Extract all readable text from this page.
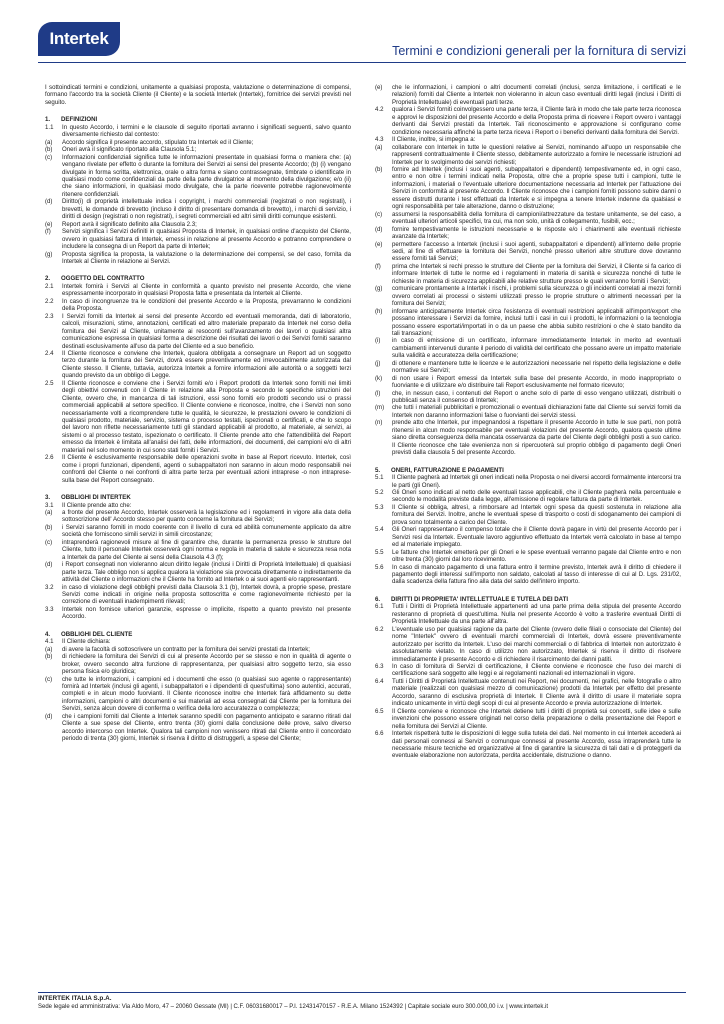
Intertek
Termini e condizioni generali per la fornitura di servizi
I sottoindicati termini e condizioni, unitamente a qualsiasi proposta, valutazione o determinazione di compensi, formano l'accordo tra la società Cliente (il Cliente) e la società Intertek (Intertek), fornitrice dei servizi previsti nel seguito.
1.	DEFINIZIONI
1.1	In questo Accordo, i termini e le clausole di seguito riportati avranno i significati seguenti, salvo quanto diversamente richiesto dal contesto:
(a)	Accordo significa il presente accordo, stipulato tra Intertek ed il Cliente;
(b)	Oneri avrà il significato riportato alla Clausola 5.1;
(c)	Informazioni confidenziali significa tutte le informazioni presentate in qualsiasi forma o maniera che: (a) vengano rivelate per effetto o durante la fornitura dei Servizi ai sensi del presente Accordo; (b) (i) vengano divulgate in forma scritta, elettronica, orale o altra forma e siano contrassegnate, timbrate o identificate in qualsiasi modo come confidenziali da parte della parte divulgatrice al momento della divulgazione; e/o (ii) che siano informazioni, in qualsiasi modo divulgate, che la parte ricevente potrebbe ragionevolmente ritenere confidenziali.
(d)	Diritto(i) di proprietà intellettuale indica i copyright, i marchi commerciali (registrati o non registrati), i brevetti, le domande di brevetto (incluso il diritto di presentare domanda di brevetto), i marchi di servizio, i diritti di design (registrati o non registrati), i segreti commerciali ed altri simili diritti comunque esistenti.
(e)	Report avrà il significato definito alla Clausola 2.3;
(f)	Servizi significa i Servizi definiti in qualsiasi Proposta di Intertek, in qualsiasi ordine d'acquisto del Cliente, ovvero in qualsiasi fattura di Intertek, emessi in relazione al presente Accordo e potranno comprendere o includere la consegna di un Report da parte di Intertek;
(g)	Proposta significa la proposta, la valutazione o la determinazione dei compensi, se del caso, fornita da Intertek al Cliente in relazione ai Servizi.
2.	OGGETTO DEL CONTRATTO
2.1	Intertek fornirà i Servizi al Cliente in conformità a quanto previsto nel presente Accordo, che viene espressamente incorporato in qualsiasi Proposta fatta e presentata da Intertek al Cliente.
2.2	In caso di incongruenze tra le condizioni del presente Accordo e la Proposta, prevarranno le condizioni della Proposta.
2.3	I Servizi forniti da Intertek ai sensi del presente Accordo ed eventuali memoranda, dati di laboratorio, calcoli, misurazioni, stime, annotazioni, certificati ed altro materiale preparato da Intertek nel corso della fornitura dei Servizi al Cliente, unitamente ai resoconti sull'avanzamento dei lavori o qualsiasi altra comunicazione espressa in qualsiasi forma a descrizione dei risultati dei lavori o dei Servizi forniti saranno destinati esclusivamente all'uso da parte del Cliente ed a suo beneficio.
2.4	Il Cliente riconosce e conviene che Intertek, qualora obbligata a consegnare un Report ad un soggetto terzo durante la fornitura dei Servizi, dovrà essere preventivamente ed irrevocabilmente autorizzata dal Cliente stesso. Il Cliente, tuttavia, autorizza Intertek a fornire informazioni alle autorità o a soggetti terzi quando previsto da un obbligo di Legge.
2.5	Il Cliente riconosce e conviene che i Servizi forniti e/o i Report prodotti da Intertek sono forniti nei limiti degli obiettivi convenuti con il Cliente in relazione alla Proposta e secondo le specifiche istruzioni del Cliente, ovvero che, in mancanza di tali istruzioni, essi sono forniti e/o prodotti secondo usi o prassi commerciali applicabili al settore specifico. Il Cliente conviene e riconosce, inoltre, che i Servizi non sono necessariamente volti a ricomprendere tutte le qualità, le sicurezze, le prestazioni ovvero le condizioni di qualsiasi prodotto, materiale, servizio, sistema o processo testati, ispezionati o certificati, e che lo scopo del lavoro non riflette necessariamente tutti gli standard applicabili al prodotto, al materiale, ai servizi, ai sistemi o al processo testato, ispezionato o certificato. Il Cliente prende atto che l'attendibilità del Report emesso da Intertek è limitata all'analisi dei fatti, delle informazioni, dei documenti, dei campioni e/o di altri materiali nel solo momento in cui sono stati forniti i Servizi.
2.6	Il Cliente è esclusivamente responsabile delle operazioni svolte in base al Report ricevuto. Intertek, così come i propri funzionari, dipendenti, agenti o subappaltatori non saranno in alcun modo responsabili nei confronti del Cliente o nei confronti di altra parte terza per eventuali azioni intraprese -o non intraprese- sulla base del Report consegnato.
3.	OBBLIGHI DI INTERTEK
3.1	Il Cliente prende atto che:
(a)	a fronte del presente Accordo, Intertek osserverà la legislazione ed i regolamenti in vigore alla data della sottoscrizione dell' Accordo stesso per quanto concerne la fornitura dei Servizi;
(b)	i Servizi saranno forniti in modo coerente con il livello di cura ed abilità comunemente applicato da altre società che forniscono simili servizi in simili circostanze;
(c)	intraprenderà ragionevoli misure al fine di garantire che, durante la permanenza presso le strutture del Cliente, tutto il personale Intertek osserverà ogni norma e regola in materia di salute e sicurezza resa nota a Intertek da parte del Cliente ai sensi della Clausola 4.3 (f);
(d)	i Report consegnati non violeranno alcun diritto legale (inclusi i Diritti di Proprietà Intellettuale) di qualsiasi parte terza. Tale obbligo non si applica qualora la violazione sia provocata direttamente o indirettamente da attività del Cliente o informazioni che il Cliente ha fornito ad Intertek o ai suoi agenti e/o rappresentanti.
3.2	in caso di violazione degli obblighi previsti dalla Clausola 3.1 (b), Intertek dovrà, a proprie spese, prestare Servizi come indicati in origine nella proposta sottoscritta e come ragionevolmente richiesto per la correzione di eventuali inadempimenti rilevati;
3.3	Intertek non fornisce ulteriori garanzie, espresse o implicite, rispetto a quanto previsto nel presente Accordo.
4.	OBBLIGHI DEL CLIENTE
4.1	Il Cliente dichiara:
(a)	di avere la facoltà di sottoscrivere un contratto per la fornitura dei servizi prestati da Intertek;
(b)	di richiedere la fornitura dei Servizi di cui al presente Accordo per se stesso e non in qualità di agente o broker, ovvero secondo altra funzione di rappresentanza, per qualsiasi altro soggetto terzo, sia esso persona fisica e/o giuridica;
(c)	che tutte le informazioni, i campioni ed i documenti che esso (o qualsiasi suo agente o rappresentante) fornirà ad Intertek (inclusi gli agenti, i subappaltatori e i dipendenti di quest'ultima) sono autentici, accurati, completi e in alcun modo fuorvianti. Il Cliente riconosce inoltre che Intertek farà affidamento su dette informazioni, campioni o altri documenti e sui materiali ad essa consegnati dal Cliente per la fornitura dei Servizi, senza alcun dovere di conferma o verifica della loro accuratezza o completezza;
(d)	che i campioni forniti dal Cliente a Intertek saranno spediti con pagamento anticipato e saranno ritirati dal Cliente a sue spese del Cliente, entro trenta (30) giorni dalla conclusione delle prove, salvo diverso accordo intercorso con Intertek. Qualora tali campioni non venissero ritirati dal Cliente entro il concordato periodo di trenta (30) giorni, Intertek si riserva il diritto di distruggerli, a spese del Cliente;
(e)	che le informazioni, i campioni o altri documenti correlati (inclusi, senza limitazione, i certificati e le relazioni) forniti dal Cliente a Intertek non violeranno in alcun caso eventuali diritti legali (inclusi i Diritti di Proprietà Intellettuale) di eventuali parti terze.
4.2	qualora i Servizi forniti coinvolgessero una parte terza, il Cliente farà in modo che tale parte terza riconosca e approvi le disposizioni del presente Accordo e della Proposta prima di ricevere i Report ovvero i vantaggi derivanti dai Servizi prestati da Intertek. Tali riconoscimento e approvazione si configurano come condizione necessaria affinché la parte terza riceva i Report o i benefici derivanti dalla fornitura dei Servizi.
4.3	Il Cliente, inoltre, si impegna a:
(a)	collaborare con Intertek in tutte le questioni relative ai Servizi, nominando all'uopo un responsabile che rappresenti contrattualmente il Cliente stesso, debitamente autorizzato a fornire le necessarie istruzioni ad Intertek per lo svolgimento dei servizi richiesti;
(b)	fornire ad Intertek (inclusi i suoi agenti, subappaltatori e dipendenti) tempestivamente ed, in ogni caso, entro e non oltre i termini indicati nella Proposta, oltre che a proprie spese tutti i campioni, tutte le informazioni, i materiali o l'eventuale ulteriore documentazione necessaria ad Intertek per l'attuazione dei Servizi in conformità al presente Accordo. Il Cliente riconosce che i campioni forniti possono subire danni o essere distrutti durante i test effettuati da Intertek e si impegna a tenere Intertek indenne da qualsiasi e ogni responsabilità per tale alterazione, danno o distruzione;
(c)	assumersi la responsabilità della fornitura di campioni/attrezzature da testare unitamente, se del caso, a eventuali ulteriori articoli specifici, tra cui, ma non solo, unità di collegamento, fusibili, ecc.;
(d)	fornire tempestivamente le istruzioni necessarie e le risposte e/o i chiarimenti alle eventuali richieste avanzate da Intertek;
(e)	permettere l'accesso a Intertek (inclusi i suoi agenti, subappaltatori e dipendenti) all'interno delle proprie sedi, al fine di effettuare la fornitura dei Servizi, nonché presso ulteriori altre strutture dove dovranno essere forniti tali Servizi;
(f)	prima che Intertek si rechi presso le strutture del Cliente per la fornitura dei Servizi, il Cliente si fa carico di informare Intertek di tutte le norme ed i regolamenti in materia di sanità e sicurezza nonché di tutte le richieste in materia di sicurezza applicabili alle relative strutture presso le quali verranno forniti i Servizi;
(g)	comunicare prontamente a Intertek i rischi, i problemi sulla sicurezza o gli incidenti correlati ai mezzi forniti ovvero correlati ai processi o sistemi utilizzati presso le proprie strutture o altrimenti necessari per la fornitura dei Servizi;
(h)	informare anticipatamente Intertek circa l'esistenza di eventuali restrizioni applicabili all'import/export che possano interessare i Servizi da fornire, inclusi tutti i casi in cui i prodotti, le informazioni o la tecnologia possano essere esportati/importati in o da un paese che abbia subito restrizioni o che è stato bandito da tali transazioni;
(i)	in caso di emissione di un certificato, informare immediatamente Intertek in merito ad eventuali cambiamenti intervenuti durante il periodo di validità del certificato che possano avere un impatto materiale sulla validità e accuratezza della certificazione;
(j)	di ottenere e mantenere tutte le licenze e le autorizzazioni necessarie nel rispetto della legislazione e delle normative sui Servizi;
(k)	di non usare i Report emessi da Intertek sulla base del presente Accordo, in modo inappropriato o fuorviante e di utilizzare e/o distribuire tali Report esclusivamente nel formato ricevuto;
(l)	che, in nessun caso, i contenuti del Report o anche solo di parte di esso vengano utilizzati, distribuiti o pubblicati senza il consenso di Intertek;
(m)	che tutti i materiali pubblicitari e promozionali o eventuali dichiarazioni fatte dal Cliente sui servizi forniti da Intertek non daranno informazioni false o fuorvianti dei servizi stessi.
(n)	prende atto che Intertek, pur impegnandosi a rispettare il presente Accordo in tutte le sue parti, non potrà ritenersi in alcun modo responsabile per eventuali violazioni del presente Accordo, qualora queste ultime siano diretta conseguenza della mancata osservanza da parte del Cliente degli obblighi posti a suo carico. Il Cliente riconosce che tale evenienza non si ripercuoterà sul proprio obbligo di pagamento degli Oneri previsti dalla clausola 5 del presente Accordo.
5.	ONERI, FATTURAZIONE E PAGAMENTI
5.1	Il Cliente pagherà ad Intertek gli oneri indicati nella Proposta o nei diversi accordi formalmente intercorsi tra le parti (gli Oneri).
5.2	Gli Oneri sono indicati al netto delle eventuali tasse applicabili, che il Cliente pagherà nella percentuale e secondo le modalità previste dalla legge, all'emissione di regolare fattura da parte di Intertek.
5.3	Il Cliente si obbliga, altresì, a rimborsare ad Intertek ogni spesa da questi sostenuta in relazione alla fornitura dei Servizi. Inoltre, anche le eventuali spese di trasporto o costi di sdoganamento dei campioni di prova sono totalmente a carico del Cliente.
5.4	Gli Oneri rappresentano il compenso totale che il Cliente dovrà pagare in virtù del presente Accordo per i Servizi resi da Intertek. Eventuale lavoro aggiuntivo effettuato da Intertek verrà calcolato in base al tempo ed al materiale impiegato.
5.5	Le fatture che Intertek emetterà per gli Oneri e le spese eventuali verranno pagate dal Cliente entro e non oltre trenta (30) giorni dal loro ricevimento.
5.6	In caso di mancato pagamento di una fattura entro il termine previsto, Intertek avrà il diritto di chiedere il pagamento degli interessi sull'importo non saldato, calcolati al tasso di interesse di cui al D. Lgs. 231/02, dalla scadenza della fattura fino alla data del saldo dell'intero importo.
6.	DIRITTI DI PROPRIETA' INTELLETTUALE E TUTELA DEI DATI
6.1	Tutti i Diritti di Proprietà Intellettuale appartenenti ad una parte prima della stipula del presente Accordo resteranno di proprietà di quest'ultima. Nulla nel presente Accordo è volto a trasferire eventuali Diritti di Proprietà Intellettuale da una parte all'altra.
6.2	L'eventuale uso per qualsiasi ragione da parte del Cliente (ovvero delle filiali o consociate del Cliente) del nome "Intertek" ovvero di eventuali marchi commerciali di Intertek, dovrà essere preventivamente autorizzato per iscritto da Intertek. L'uso dei marchi commerciali o di fabbrica di Intertek non autorizzato è assolutamente vietato. In caso di utilizzo non autorizzato, Intertek si riserva il diritto di risolvere immediatamente il presente Accordo e di richiedere il risarcimento dei danni patiti.
6.3	In caso di fornitura di Servizi di certificazione, il Cliente conviene e riconosce che l'uso dei marchi di certificazione sarà soggetto alle leggi e ai regolamenti nazionali ed internazionali in vigore.
6.4	Tutti i Diritti di Proprietà Intellettuale contenuti nei Report, nei documenti, nei grafici, nelle fotografie o altro materiale (realizzati con qualsiasi mezzo di comunicazione) prodotti da Intertek per effetto del presente Accordo, saranno di esclusiva proprietà di Intertek. Il Cliente avrà il diritto di usare il materiale sopra indicato unicamente in virtù degli scopi di cui al presente Accordo e previa autorizzazione di Intertek.
6.5	Il Cliente conviene e riconosce che Intertek detiene tutti i diritti di proprietà sui concetti, sulle idee e sulle invenzioni che possono essere originati nel corso della preparazione o della presentazione dei Report e nella fornitura dei Servizi al Cliente.
6.6	Intertek rispetterà tutte le disposizioni di legge sulla tutela dei dati. Nel momento in cui Intertek accederà ai dati personali connessi ai Servizi o comunque connessi al presente Accordo, essa intraprenderà tutte le necessarie misure tecniche ed organizzative al fine di garantire la sicurezza di tali dati e di proteggerli da eventuale elaborazione non autorizzata, perdita accidentale, distruzione o danno.
INTERTEK ITALIA S.p.A.
Sede legale ed amministrativa: Via Aldo Moro, 47 – 20060 Gessate (MI) | C.F. 06031680017 – P.I. 12431470157 - R.E.A. Milano 1524392 | Capitale sociale euro 300.000,00 i.v. | www.intertek.it
